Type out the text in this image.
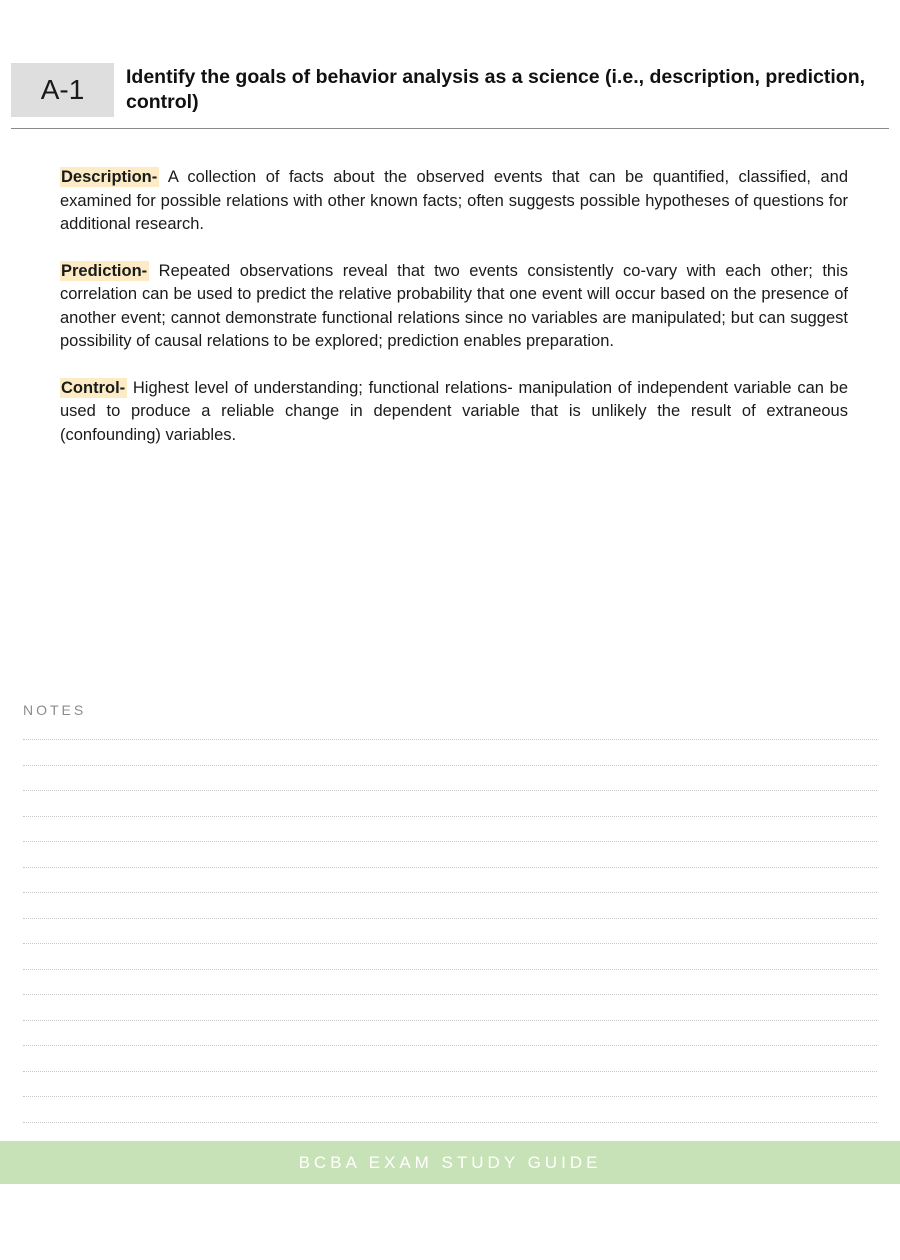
A-1 Identify the goals of behavior analysis as a science (i.e., description, prediction, control)

Description- A collection of facts about the observed events that can be quantified, classified, and examined for possible relations with other known facts; often suggests possible hypotheses of questions for additional research.

Prediction- Repeated observations reveal that two events consistently co-vary with each other; this correlation can be used to predict the relative probability that one event will occur based on the presence of another event; cannot demonstrate functional relations since no variables are manipulated; but can suggest possibility of causal relations to be explored; prediction enables preparation.

Control- Highest level of understanding; functional relations- manipulation of independent variable can be used to produce a reliable change in dependent variable that is unlikely the result of extraneous (confounding) variables.

NOTES
BCBA EXAM STUDY GUIDE
